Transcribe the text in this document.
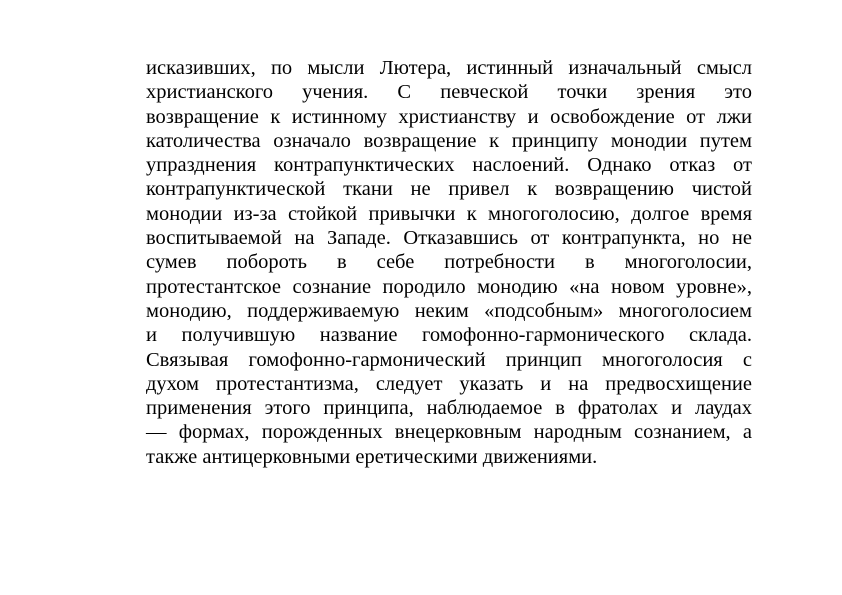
исказивших, по мысли Лютера, истинный изначальный смысл
христианского учения. С певческой точки зрения это
возвращение к истинному христианству и освобождение от лжи
католичества означало возвращение к принципу монодии путем
упразднения контрапунктических наслоений. Однако отказ от
контрапунктической ткани не привел к возвращению чистой
монодии из-за стойкой привычки к многоголосию, долгое время
воспитываемой на Западе. Отказавшись от контрапункта, но не
сумев побороть в себе потребности в многоголосии,
протестантское сознание породило монодию «на новом уровне»,
монодию, поддерживаемую неким «подсобным» многоголосием
и получившую название гомофонно-гармонического склада.
Связывая гомофонно-гармонический принцип многоголосия с
духом протестантизма, следует указать и на предвосхищение
применения этого принципа, наблюдаемое в фратолах и лаудах
— формах, порожденных внецерковным народным сознанием, а
также антицерковными еретическими движениями.
